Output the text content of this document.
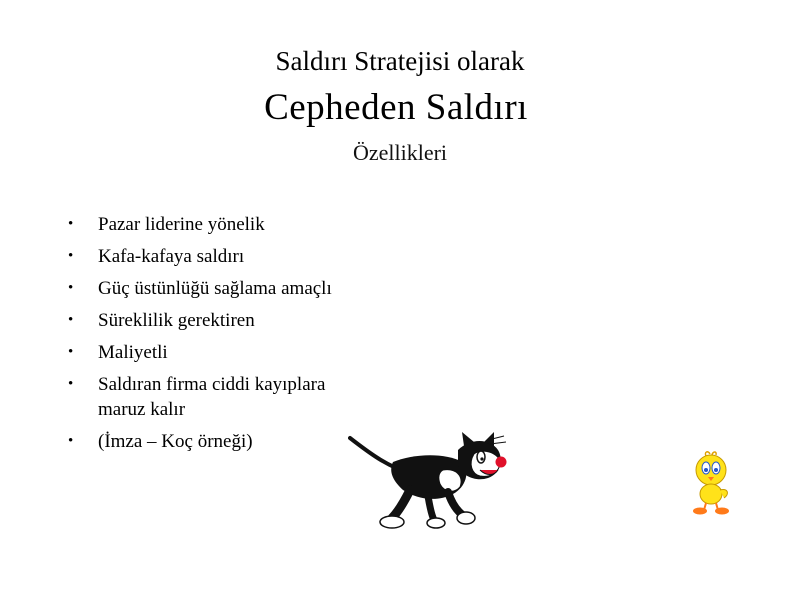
Saldırı Stratejisi olarak
Cepheden Saldırı
Özellikleri
• Pazar liderine yönelik
• Kafa-kafaya saldırı
• Güç üstünlüğü sağlama amaçlı
• Süreklilik gerektiren
• Maliyetli
• Saldıran firma ciddi kayıplara maruz kalır
• (İmza – Koç örneği)
